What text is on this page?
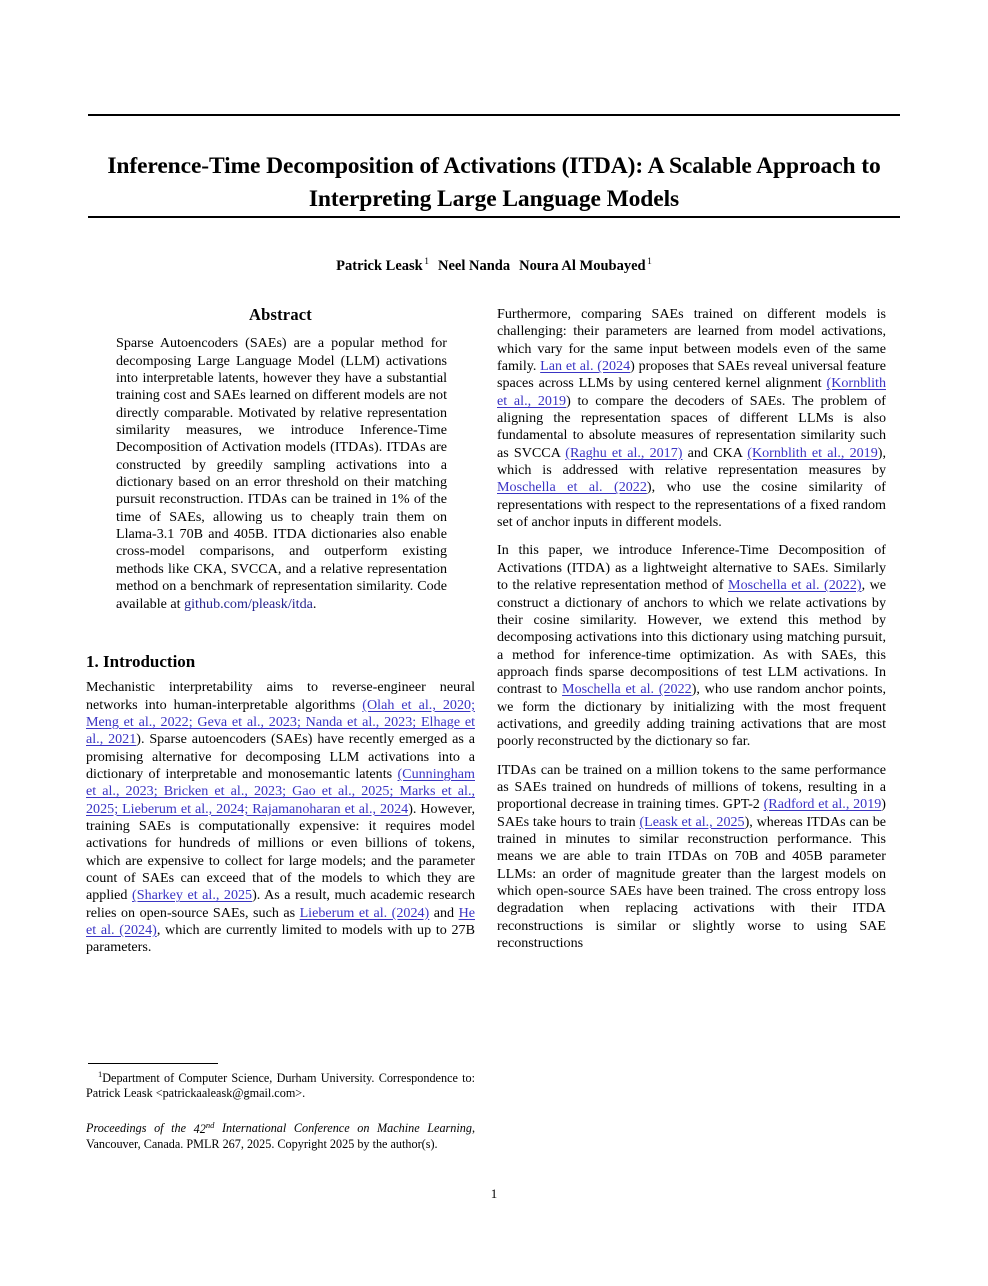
Inference-Time Decomposition of Activations (ITDA): A Scalable Approach to Interpreting Large Language Models
Patrick Leask $^1$ Neel Nanda Noura Al Moubayed $^1$
Abstract

Sparse Autoencoders (SAEs) are a popular method for decomposing Large Language Model (LLM) activations into interpretable latents, however they have a substantial training cost and SAEs learned on different models are not directly comparable. Motivated by relative representation similarity measures, we introduce Inference-Time Decomposition of Activation models (ITDAs). ITDAs are constructed by greedily sampling activations into a dictionary based on an error threshold on their matching pursuit reconstruction. ITDAs can be trained in 1% of the time of SAEs, allowing us to cheaply train them on Llama-3.1 70B and 405B. ITDA dictionaries also enable cross-model comparisons, and outperform existing methods like CKA, SVCCA, and a relative representation method on a benchmark of representation similarity. Code available at github.com/pleask/itda.

1. Introduction

Mechanistic interpretability aims to reverse-engineer neural networks into human-interpretable algorithms (Olah et al., 2020; Meng et al., 2022; Geva et al., 2023; Nanda et al., 2023; Elhage et al., 2021). Sparse autoencoders (SAEs) have recently emerged as a promising alternative for decomposing LLM activations into a dictionary of interpretable and monosemantic latents (Cunningham et al., 2023; Bricken et al., 2023; Gao et al., 2025; Marks et al., 2025; Lieberum et al., 2024; Rajamanoharan et al., 2024). However, training SAEs is computationally expensive: it requires model activations for hundreds of millions or even billions of tokens, which are expensive to collect for large models; and the parameter count of SAEs can exceed that of the models to which they are applied (Sharkey et al., 2025). As a result, much academic research relies on open-source SAEs, such as Lieberum et al. (2024) and He et al. (2024), which are currently limited to models with up to 27B parameters.

Furthermore, comparing SAEs trained on different models is challenging: their parameters are learned from model activations, which vary for the same input between models even of the same family. Lan et al. (2024) proposes that SAEs reveal universal feature spaces across LLMs by using centered kernel alignment (Kornblith et al., 2019) to compare the decoders of SAEs. The problem of aligning the representation spaces of different LLMs is also fundamental to absolute measures of representation similarity such as SVCCA (Raghu et al., 2017) and CKA (Kornblith et al., 2019), which is addressed with relative representation measures by Moschella et al. (2022), who use the cosine similarity of representations with respect to the representations of a fixed random set of anchor inputs in different models.

In this paper, we introduce Inference-Time Decomposition of Activations (ITDA) as a lightweight alternative to SAEs. Similarly to the relative representation method of Moschella et al. (2022), we construct a dictionary of anchors to which we relate activations by their cosine similarity. However, we extend this method by decomposing activations into this dictionary using matching pursuit, a method for inference-time optimization. As with SAEs, this approach finds sparse decompositions of test LLM activations. In contrast to Moschella et al. (2022), who use random anchor points, we form the dictionary by initializing with the most frequent activations, and greedily adding training activations that are most poorly reconstructed by the dictionary so far.

ITDAs can be trained on a million tokens to the same performance as SAEs trained on hundreds of millions of tokens, resulting in a proportional decrease in training times. GPT-2 (Radford et al., 2019) SAEs take hours to train (Leask et al., 2025), whereas ITDAs can be trained in minutes to similar reconstruction performance. This means we are able to train ITDAs on 70B and 405B parameter LLMs: an order of magnitude greater than the largest models on which open-source SAEs have been trained. The cross entropy loss degradation when replacing activations with their ITDA reconstructions is similar or slightly worse to using SAE reconstructions

$^1$Department of Computer Science, Durham University. Correspondence to: Patrick Leask <patrickaaleask@gmail.com>.

Proceedings of the 42nd International Conference on Machine Learning, Vancouver, Canada. PMLR 267, 2025. Copyright 2025 by the author(s).

1
